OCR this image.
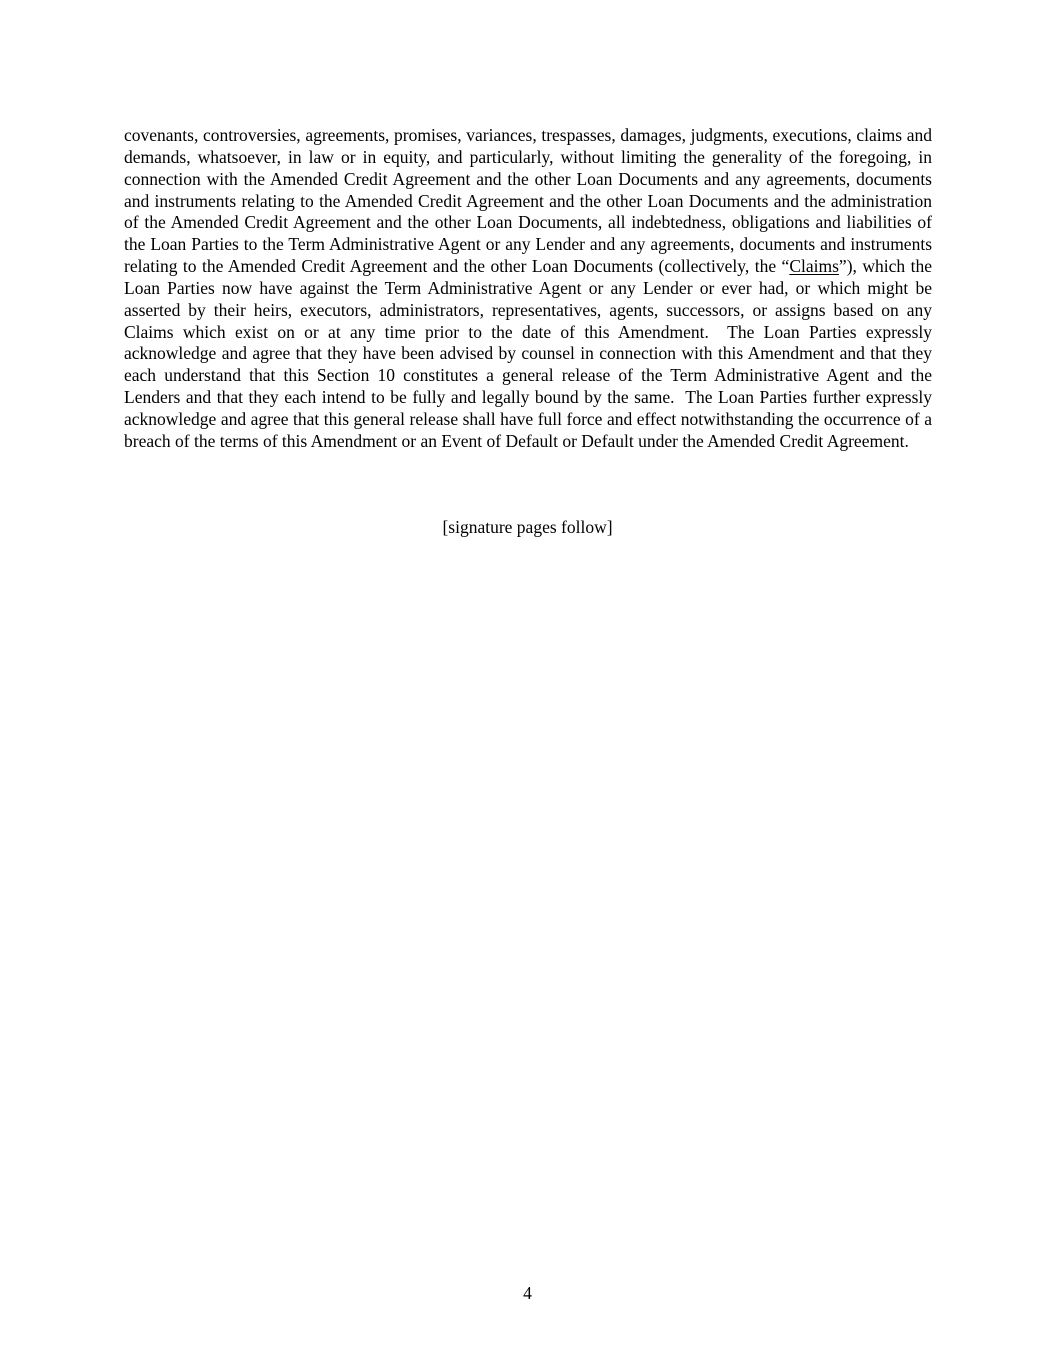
covenants, controversies, agreements, promises, variances, trespasses, damages, judgments, executions, claims and demands, whatsoever, in law or in equity, and particularly, without limiting the generality of the foregoing, in connection with the Amended Credit Agreement and the other Loan Documents and any agreements, documents and instruments relating to the Amended Credit Agreement and the other Loan Documents and the administration of the Amended Credit Agreement and the other Loan Documents, all indebtedness, obligations and liabilities of the Loan Parties to the Term Administrative Agent or any Lender and any agreements, documents and instruments relating to the Amended Credit Agreement and the other Loan Documents (collectively, the “Claims”), which the Loan Parties now have against the Term Administrative Agent or any Lender or ever had, or which might be asserted by their heirs, executors, administrators, representatives, agents, successors, or assigns based on any Claims which exist on or at any time prior to the date of this Amendment.  The Loan Parties expressly acknowledge and agree that they have been advised by counsel in connection with this Amendment and that they each understand that this Section 10 constitutes a general release of the Term Administrative Agent and the Lenders and that they each intend to be fully and legally bound by the same.  The Loan Parties further expressly acknowledge and agree that this general release shall have full force and effect notwithstanding the occurrence of a breach of the terms of this Amendment or an Event of Default or Default under the Amended Credit Agreement.

[signature pages follow]

4
